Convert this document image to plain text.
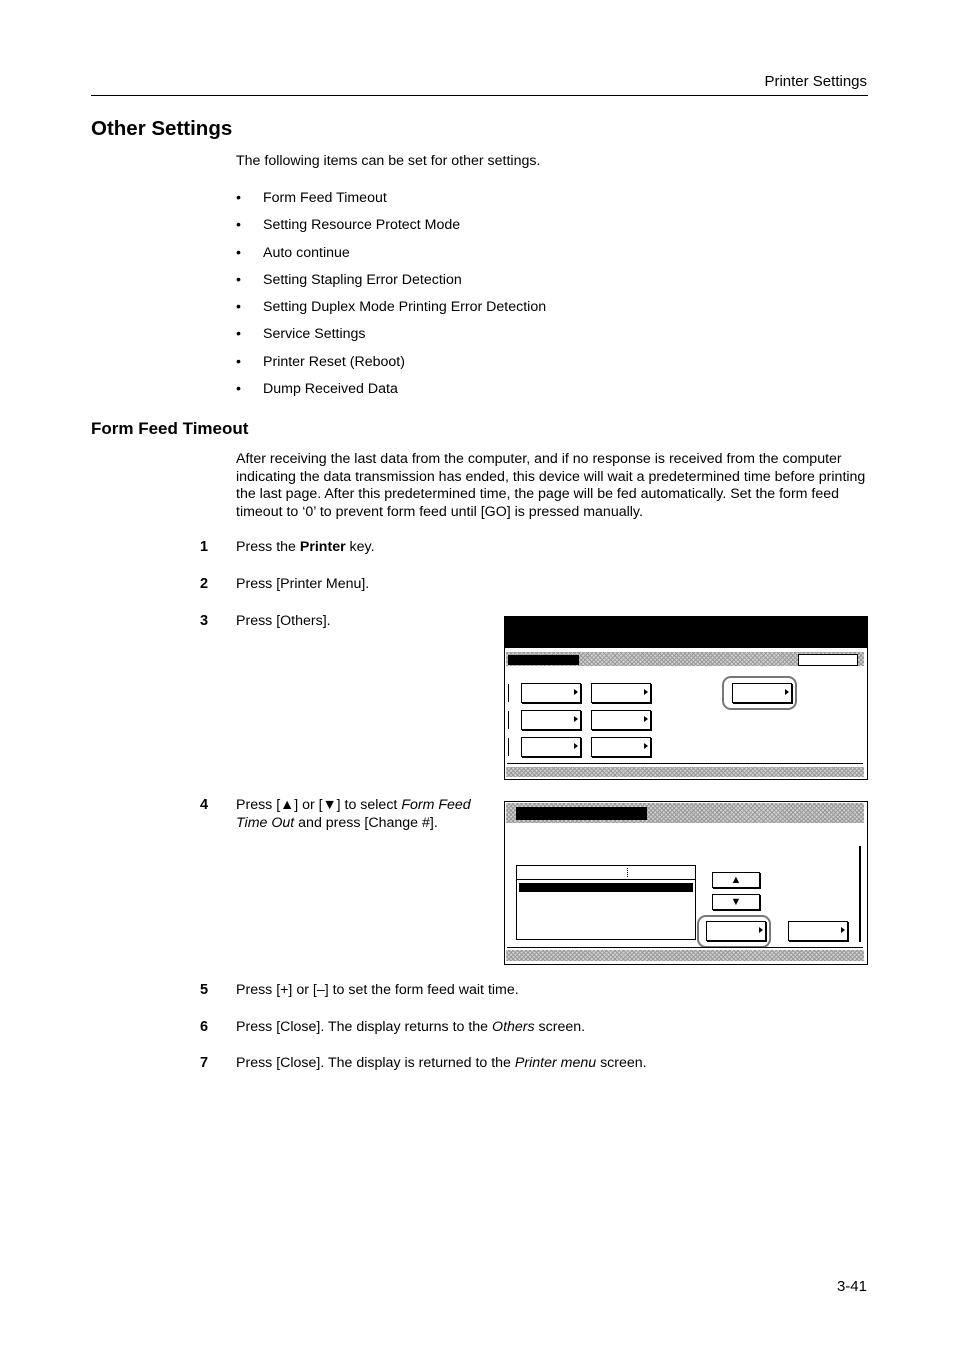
Printer Settings
Other Settings
The following items can be set for other settings.
• Form Feed Timeout
• Setting Resource Protect Mode
• Auto continue
• Setting Stapling Error Detection
• Setting Duplex Mode Printing Error Detection
• Service Settings
• Printer Reset (Reboot)
• Dump Received Data
Form Feed Timeout
After receiving the last data from the computer, and if no response is received from the computer indicating the data transmission has ended, this device will wait a predetermined time before printing the last page. After this predetermined time, the page will be fed automatically. Set the form feed timeout to ‘0’ to prevent form feed until [GO] is pressed manually.
1 Press the Printer key.
2 Press [Printer Menu].
3 Press [Others].
4 Press [▲] or [▼] to select Form Feed Time Out and press [Change #].
5 Press [+] or [–] to set the form feed wait time.
6 Press [Close]. The display returns to the Others screen.
7 Press [Close]. The display is returned to the Printer menu screen.
▲
▼
3-41
